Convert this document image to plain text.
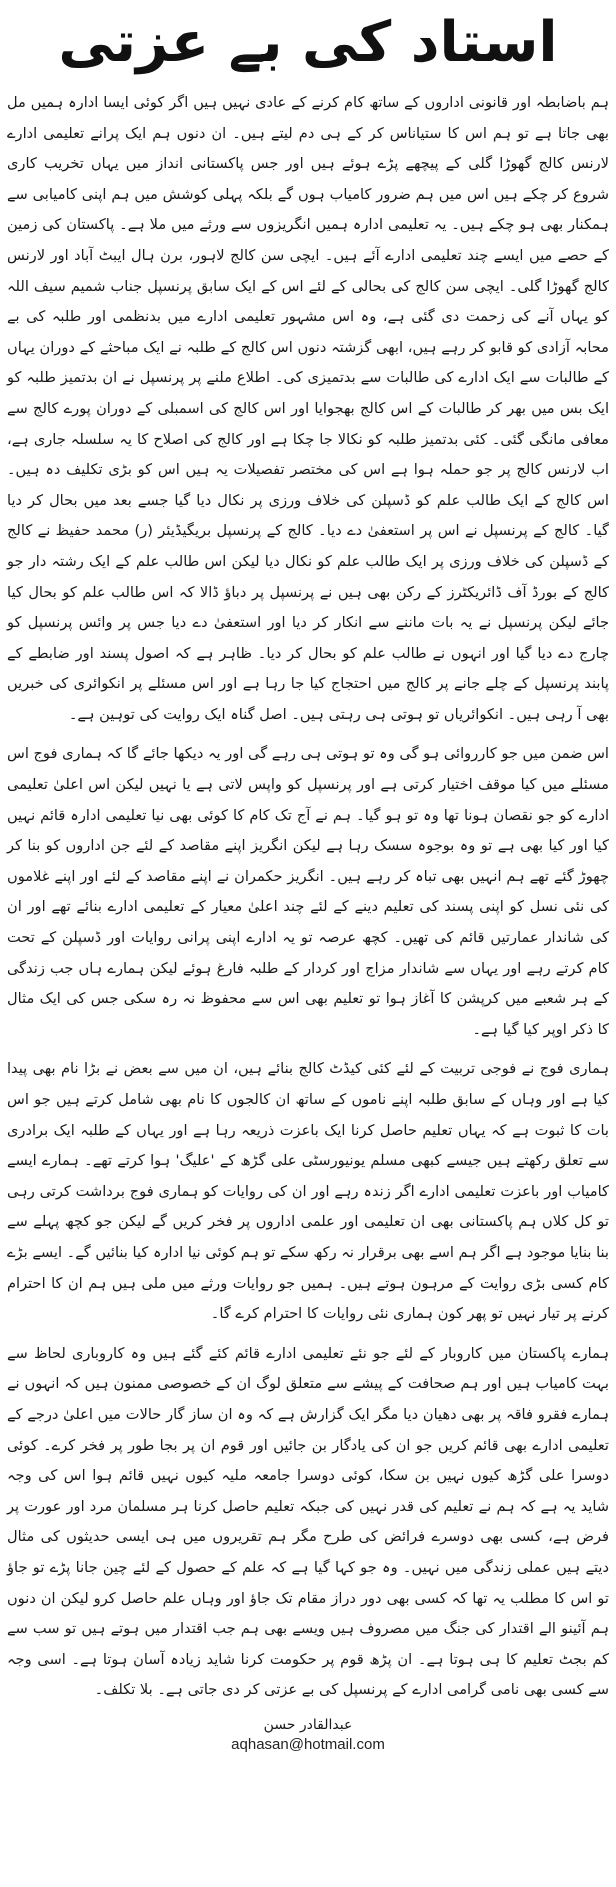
استاد کی بے عزتی

ہم باضابطہ اور قانونی اداروں کے ساتھ کام کرنے کے عادی نہیں ہیں اگر کوئی ایسا ادارہ ہمیں مل بھی جاتا ہے تو ہم اس کا ستیاناس کر کے ہی دم لیتے ہیں۔ ان دنوں ہم ایک پرانے تعلیمی ادارے لارنس کالج گھوڑا گلی کے پیچھے پڑے ہوئے ہیں اور جس پاکستانی انداز میں یہاں تخریب کاری شروع کر چکے ہیں اس میں ہم ضرور کامیاب ہوں گے بلکہ پہلی کوشش میں ہم اپنی کامیابی سے ہمکنار بھی ہو چکے ہیں۔ یہ تعلیمی ادارہ ہمیں انگریزوں سے ورثے میں ملا ہے۔ پاکستان کی زمین کے حصے میں ایسے چند تعلیمی ادارے آئے ہیں۔ ایچی سن کالج لاہور، برن ہال ایبٹ آباد اور لارنس کالج گھوڑا گلی۔ ایچی سن کالج کی بحالی کے لئے اس کے ایک سابق پرنسپل جناب شمیم سیف اللہ کو یہاں آنے کی زحمت دی گئی ہے، وہ اس مشہور تعلیمی ادارے میں بدنظمی اور طلبہ کی بے محابہ آزادی کو قابو کر رہے ہیں، ابھی گزشتہ دنوں اس کالج کے طلبہ نے ایک مباحثے کے دوران یہاں کے طالبات سے ایک ادارے کی طالبات سے بدتمیزی کی۔ اطلاع ملنے پر پرنسپل نے ان بدتمیز طلبہ کو ایک بس میں بھر کر طالبات کے اس کالج بھجوایا اور اس کالج کی اسمبلی کے دوران پورے کالج سے معافی مانگی گئی۔ کئی بدتمیز طلبہ کو نکالا جا چکا ہے اور کالج کی اصلاح کا یہ سلسلہ جاری ہے، اب لارنس کالج پر جو حملہ ہوا ہے اس کی مختصر تفصیلات یہ ہیں اس کو بڑی تکلیف دہ ہیں۔ اس کالج کے ایک طالب علم کو ڈسپلن کی خلاف ورزی پر نکال دیا گیا جسے بعد میں بحال کر دیا گیا۔ کالج کے پرنسپل نے اس پر استعفیٰ دے دیا۔ کالج کے پرنسپل بریگیڈیئر (ر) محمد حفیظ نے کالج کے ڈسپلن کی خلاف ورزی پر ایک طالب علم کو نکال دیا لیکن اس طالب علم کے ایک رشتہ دار جو کالج کے بورڈ آف ڈائریکٹرز کے رکن بھی ہیں نے پرنسپل پر دباؤ ڈالا کہ اس طالب علم کو بحال کیا جائے لیکن پرنسپل نے یہ بات ماننے سے انکار کر دیا اور استعفیٰ دے دیا جس پر وائس پرنسپل کو چارج دے دیا گیا اور انہوں نے طالب علم کو بحال کر دیا۔ ظاہر ہے کہ اصول پسند اور ضابطے کے پابند پرنسپل کے چلے جانے پر کالج میں احتجاج کیا جا رہا ہے اور اس مسئلے پر انکوائری کی خبریں بھی آ رہی ہیں۔ انکوائریاں تو ہوتی ہی رہتی ہیں۔ اصل گناہ ایک روایت کی توہین ہے۔

اس ضمن میں جو کارروائی ہو گی وہ تو ہوتی ہی رہے گی اور یہ دیکھا جائے گا کہ ہماری فوج اس مسئلے میں کیا موقف اختیار کرتی ہے اور پرنسپل کو واپس لاتی ہے یا نہیں لیکن اس اعلیٰ تعلیمی ادارے کو جو نقصان ہونا تھا وہ تو ہو گیا۔ ہم نے آج تک کام کا کوئی بھی نیا تعلیمی ادارہ قائم نہیں کیا اور کیا بھی ہے تو وہ بوجوہ سسک رہا ہے لیکن انگریز اپنے مقاصد کے لئے جن اداروں کو بنا کر چھوڑ گئے تھے ہم انہیں بھی تباہ کر رہے ہیں۔ انگریز حکمران نے اپنے مقاصد کے لئے اور اپنے غلاموں کی نئی نسل کو اپنی پسند کی تعلیم دینے کے لئے چند اعلیٰ معیار کے تعلیمی ادارے بنائے تھے اور ان کی شاندار عمارتیں قائم کی تھیں۔ کچھ عرصہ تو یہ ادارے اپنی پرانی روایات اور ڈسپلن کے تحت کام کرتے رہے اور یہاں سے شاندار مزاج اور کردار کے طلبہ فارغ ہوئے لیکن ہمارے ہاں جب زندگی کے ہر شعبے میں کرپشن کا آغاز ہوا تو تعلیم بھی اس سے محفوظ نہ رہ سکی جس کی ایک مثال کا ذکر اوپر کیا گیا ہے۔

ہماری فوج نے فوجی تربیت کے لئے کئی کیڈٹ کالج بنائے ہیں، ان میں سے بعض نے بڑا نام بھی پیدا کیا ہے اور وہاں کے سابق طلبہ اپنے ناموں کے ساتھ ان کالجوں کا نام بھی شامل کرتے ہیں جو اس بات کا ثبوت ہے کہ یہاں تعلیم حاصل کرنا ایک باعزت ذریعہ رہا ہے اور یہاں کے طلبہ ایک برادری سے تعلق رکھتے ہیں جیسے کبھی مسلم یونیورسٹی علی گڑھ کے 'علیگ' ہوا کرتے تھے۔ ہمارے ایسے کامیاب اور باعزت تعلیمی ادارے اگر زندہ رہے اور ان کی روایات کو ہماری فوج برداشت کرتی رہی تو کل کلاں ہم پاکستانی بھی ان تعلیمی اور علمی اداروں پر فخر کریں گے لیکن جو کچھ پہلے سے بنا بنایا موجود ہے اگر ہم اسے بھی برقرار نہ رکھ سکے تو ہم کوئی نیا ادارہ کیا بنائیں گے۔ ایسے بڑے کام کسی بڑی روایت کے مرہون ہوتے ہیں۔ ہمیں جو روایات ورثے میں ملی ہیں ہم ان کا احترام کرنے پر تیار نہیں تو پھر کون ہماری نئی روایات کا احترام کرے گا۔

ہمارے پاکستان میں کاروبار کے لئے جو نئے تعلیمی ادارے قائم کئے گئے ہیں وہ کاروباری لحاظ سے بہت کامیاب ہیں اور ہم صحافت کے پیشے سے متعلق لوگ ان کے خصوصی ممنون ہیں کہ انہوں نے ہمارے فقرو فاقہ پر بھی دھیان دیا مگر ایک گزارش ہے کہ وہ ان ساز گار حالات میں اعلیٰ درجے کے تعلیمی ادارے بھی قائم کریں جو ان کی یادگار بن جائیں اور قوم ان پر بجا طور پر فخر کرے۔ کوئی دوسرا علی گڑھ کیوں نہیں بن سکا، کوئی دوسرا جامعہ ملیہ کیوں نہیں قائم ہوا اس کی وجہ شاید یہ ہے کہ ہم نے تعلیم کی قدر نہیں کی جبکہ تعلیم حاصل کرنا ہر مسلمان مرد اور عورت پر فرض ہے، کسی بھی دوسرے فرائض کی طرح مگر ہم تقریروں میں ہی ایسی حدیثوں کی مثال دیتے ہیں عملی زندگی میں نہیں۔ وہ جو کہا گیا ہے کہ علم کے حصول کے لئے چین جانا پڑے تو جاؤ تو اس کا مطلب یہ تھا کہ کسی بھی دور دراز مقام تک جاؤ اور وہاں علم حاصل کرو لیکن ان دنوں ہم آئینو الے اقتدار کی جنگ میں مصروف ہیں ویسے بھی ہم جب اقتدار میں ہوتے ہیں تو سب سے کم بجٹ تعلیم کا ہی ہوتا ہے۔ ان پڑھ قوم پر حکومت کرنا شاید زیادہ آسان ہوتا ہے۔ اسی وجہ سے کسی بھی نامی گرامی ادارے کے پرنسپل کی بے عزتی کر دی جاتی ہے۔ بلا تکلف۔

عبدالقادر حسن
aqhasan@hotmail.com
